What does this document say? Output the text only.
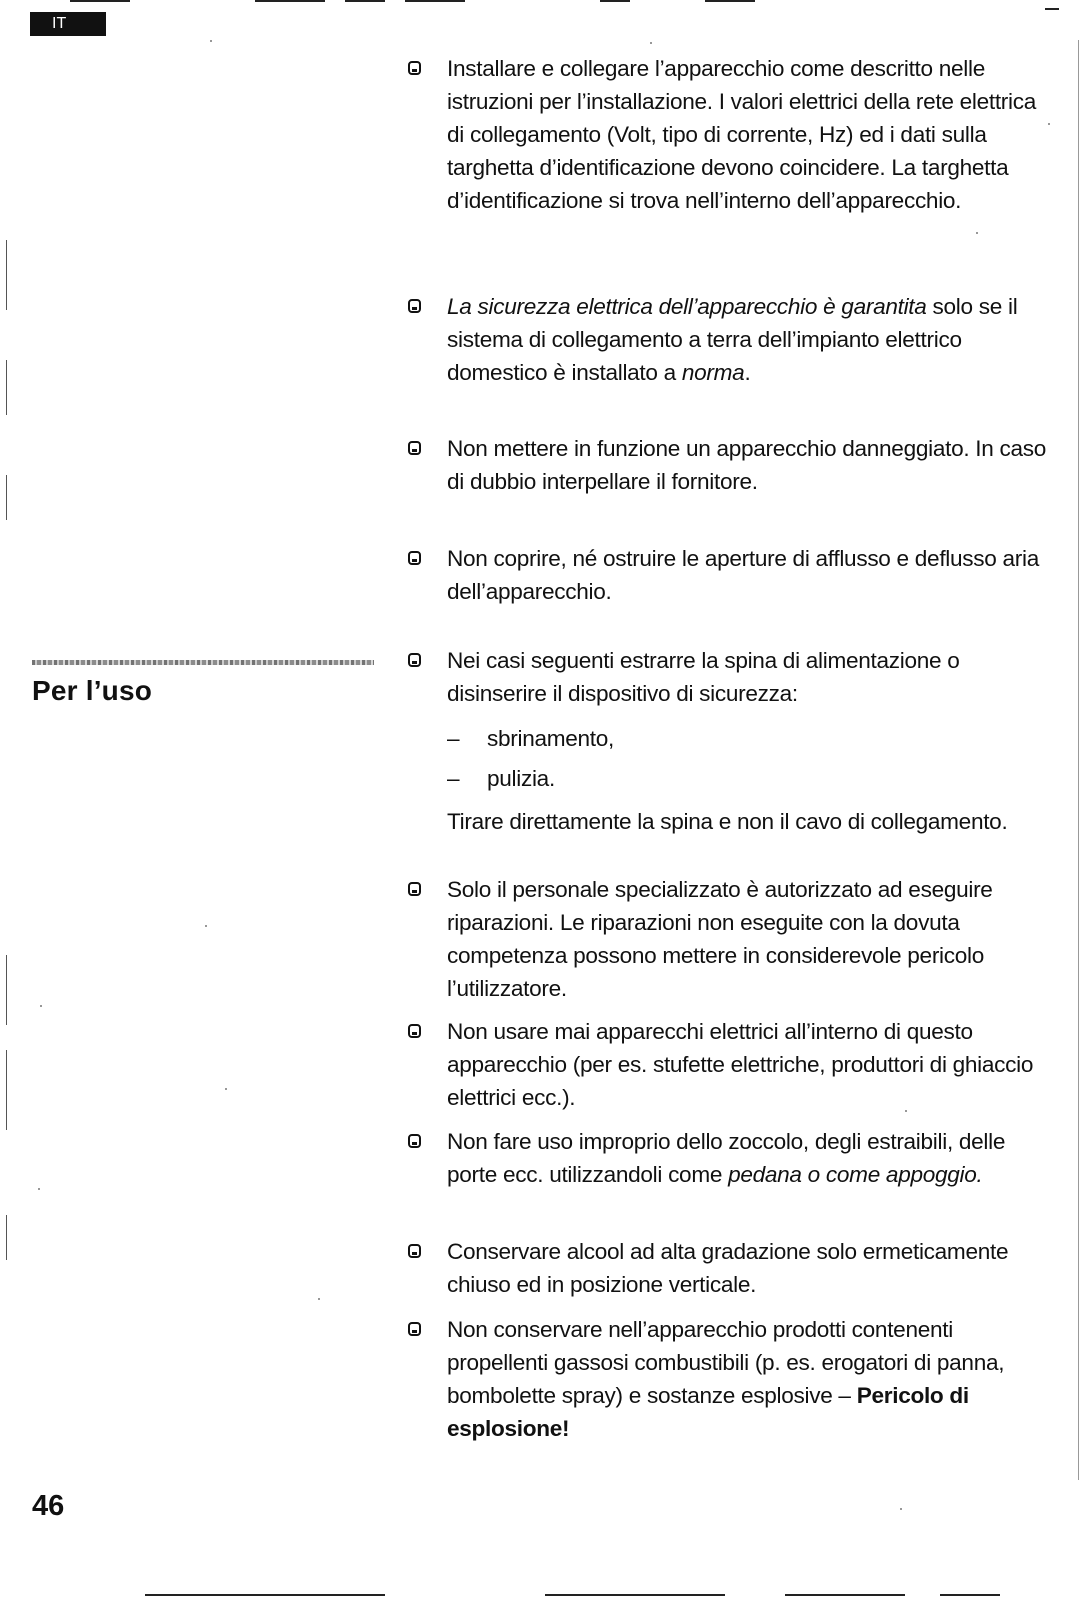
IT
Per l’uso
46

Installare e collegare l’apparecchio come descritto nelle istruzioni per l’installazione. I valori elettrici della rete elettrica di collegamento (Volt, tipo di corrente, Hz) ed i dati sulla targhetta d’identificazione devono coincidere. La targhetta d’identificazione si trova nell’interno dell’apparecchio.

La sicurezza elettrica dell’apparecchio è garantita solo se il sistema di collegamento a terra dell’impianto elettrico domestico è installato a norma.

Non mettere in funzione un apparecchio danneggiato. In caso di dubbio interpellare il fornitore.

Non coprire, né ostruire le aperture di afflusso e deflusso aria dell’apparecchio.

Nei casi seguenti estrarre la spina di alimentazione o disinserire il dispositivo di sicurezza:

– sbrinamento,
– pulizia.

Tirare direttamente la spina e non il cavo di collegamento.

Solo il personale specializzato è autorizzato ad eseguire riparazioni. Le riparazioni non eseguite con la dovuta competenza possono mettere in considerevole pericolo l’utilizzatore.

Non usare mai apparecchi elettrici all’interno di questo apparecchio (per es. stufette elettriche, produttori di ghiaccio elettrici ecc.).

Non fare uso improprio dello zoccolo, degli estraibili, delle porte ecc. utilizzandoli come pedana o come appoggio.

Conservare alcool ad alta gradazione solo ermeticamente chiuso ed in posizione verticale.

Non conservare nell’apparecchio prodotti contenenti propellenti gassosi combustibili (p. es. erogatori di panna, bombolette spray) e sostanze esplosive – Pericolo di esplosione!
